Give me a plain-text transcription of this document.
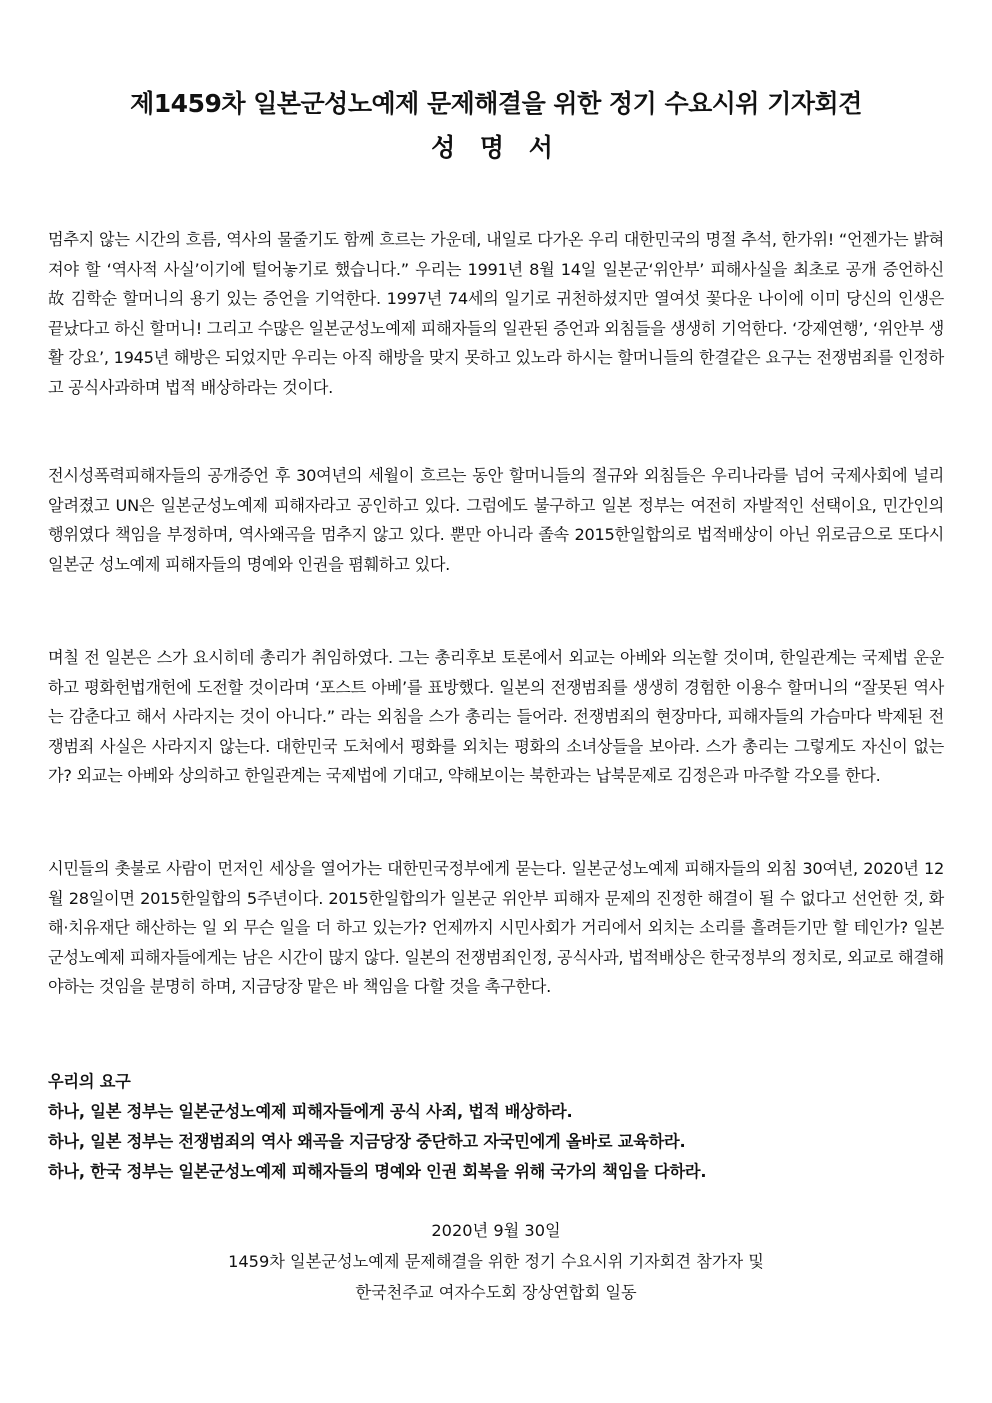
제1459차 일본군성노예제 문제해결을 위한 정기 수요시위 기자회견
성 명 서
멈추지 않는 시간의 흐름, 역사의 물줄기도 함께 흐르는 가운데, 내일로 다가온 우리 대한민국의 명절 추석, 한가위! “언젠가는 밝혀져야 할 ‘역사적 사실’이기에 털어놓기로 했습니다.” 우리는 1991년 8월 14일 일본군‘위안부’ 피해사실을 최초로 공개 증언하신 故 김학순 할머니의 용기 있는 증언을 기억한다. 1997년 74세의 일기로 귀천하셨지만 열여섯 꽃다운 나이에 이미 당신의 인생은 끝났다고 하신 할머니! 그리고 수많은 일본군성노예제 피해자들의 일관된 증언과 외침들을 생생히 기억한다. ‘강제연행’, ‘위안부 생활 강요’, 1945년 해방은 되었지만 우리는 아직 해방을 맞지 못하고 있노라 하시는 할머니들의 한결같은 요구는 전쟁범죄를 인정하고 공식사과하며 법적 배상하라는 것이다.
전시성폭력피해자들의 공개증언 후 30여년의 세월이 흐르는 동안 할머니들의 절규와 외침들은 우리나라를 넘어 국제사회에 널리 알려졌고 UN은 일본군성노예제 피해자라고 공인하고 있다. 그럼에도 불구하고 일본 정부는 여전히 자발적인 선택이요, 민간인의 행위였다 책임을 부정하며, 역사왜곡을 멈추지 않고 있다. 뿐만 아니라 졸속 2015한일합의로 법적배상이 아닌 위로금으로 또다시 일본군 성노예제 피해자들의 명예와 인권을 폄훼하고 있다.
며칠 전 일본은 스가 요시히데 총리가 취임하였다. 그는 총리후보 토론에서 외교는 아베와 의논할 것이며, 한일관계는 국제법 운운하고 평화헌법개헌에 도전할 것이라며 ‘포스트 아베’를 표방했다. 일본의 전쟁범죄를 생생히 경험한 이용수 할머니의 “잘못된 역사는 감춘다고 해서 사라지는 것이 아니다.” 라는 외침을 스가 총리는 들어라. 전쟁범죄의 현장마다, 피해자들의 가슴마다 박제된 전쟁범죄 사실은 사라지지 않는다. 대한민국 도처에서 평화를 외치는 평화의 소녀상들을 보아라. 스가 총리는 그렇게도 자신이 없는가? 외교는 아베와 상의하고 한일관계는 국제법에 기대고, 약해보이는 북한과는 납북문제로 김정은과 마주할 각오를 한다.
시민들의 촛불로 사람이 먼저인 세상을 열어가는 대한민국정부에게 묻는다. 일본군성노예제 피해자들의 외침 30여년, 2020년 12월 28일이면 2015한일합의 5주년이다. 2015한일합의가 일본군 위안부 피해자 문제의 진정한 해결이 될 수 없다고 선언한 것, 화해·치유재단 해산하는 일 외 무슨 일을 더 하고 있는가? 언제까지 시민사회가 거리에서 외치는 소리를 흘려듣기만 할 테인가? 일본군성노예제 피해자들에게는 남은 시간이 많지 않다. 일본의 전쟁범죄인정, 공식사과, 법적배상은 한국정부의 정치로, 외교로 해결해야하는 것임을 분명히 하며, 지금당장 맡은 바 책임을 다할 것을 촉구한다.
우리의 요구
하나, 일본 정부는 일본군성노예제 피해자들에게 공식 사죄, 법적 배상하라.
하나, 일본 정부는 전쟁범죄의 역사 왜곡을 지금당장 중단하고 자국민에게 올바로 교육하라.
하나, 한국 정부는 일본군성노예제 피해자들의 명예와 인권 회복을 위해 국가의 책임을 다하라.
2020년 9월 30일
1459차 일본군성노예제 문제해결을 위한 정기 수요시위 기자회견 참가자 및
한국천주교 여자수도회 장상연합회 일동
